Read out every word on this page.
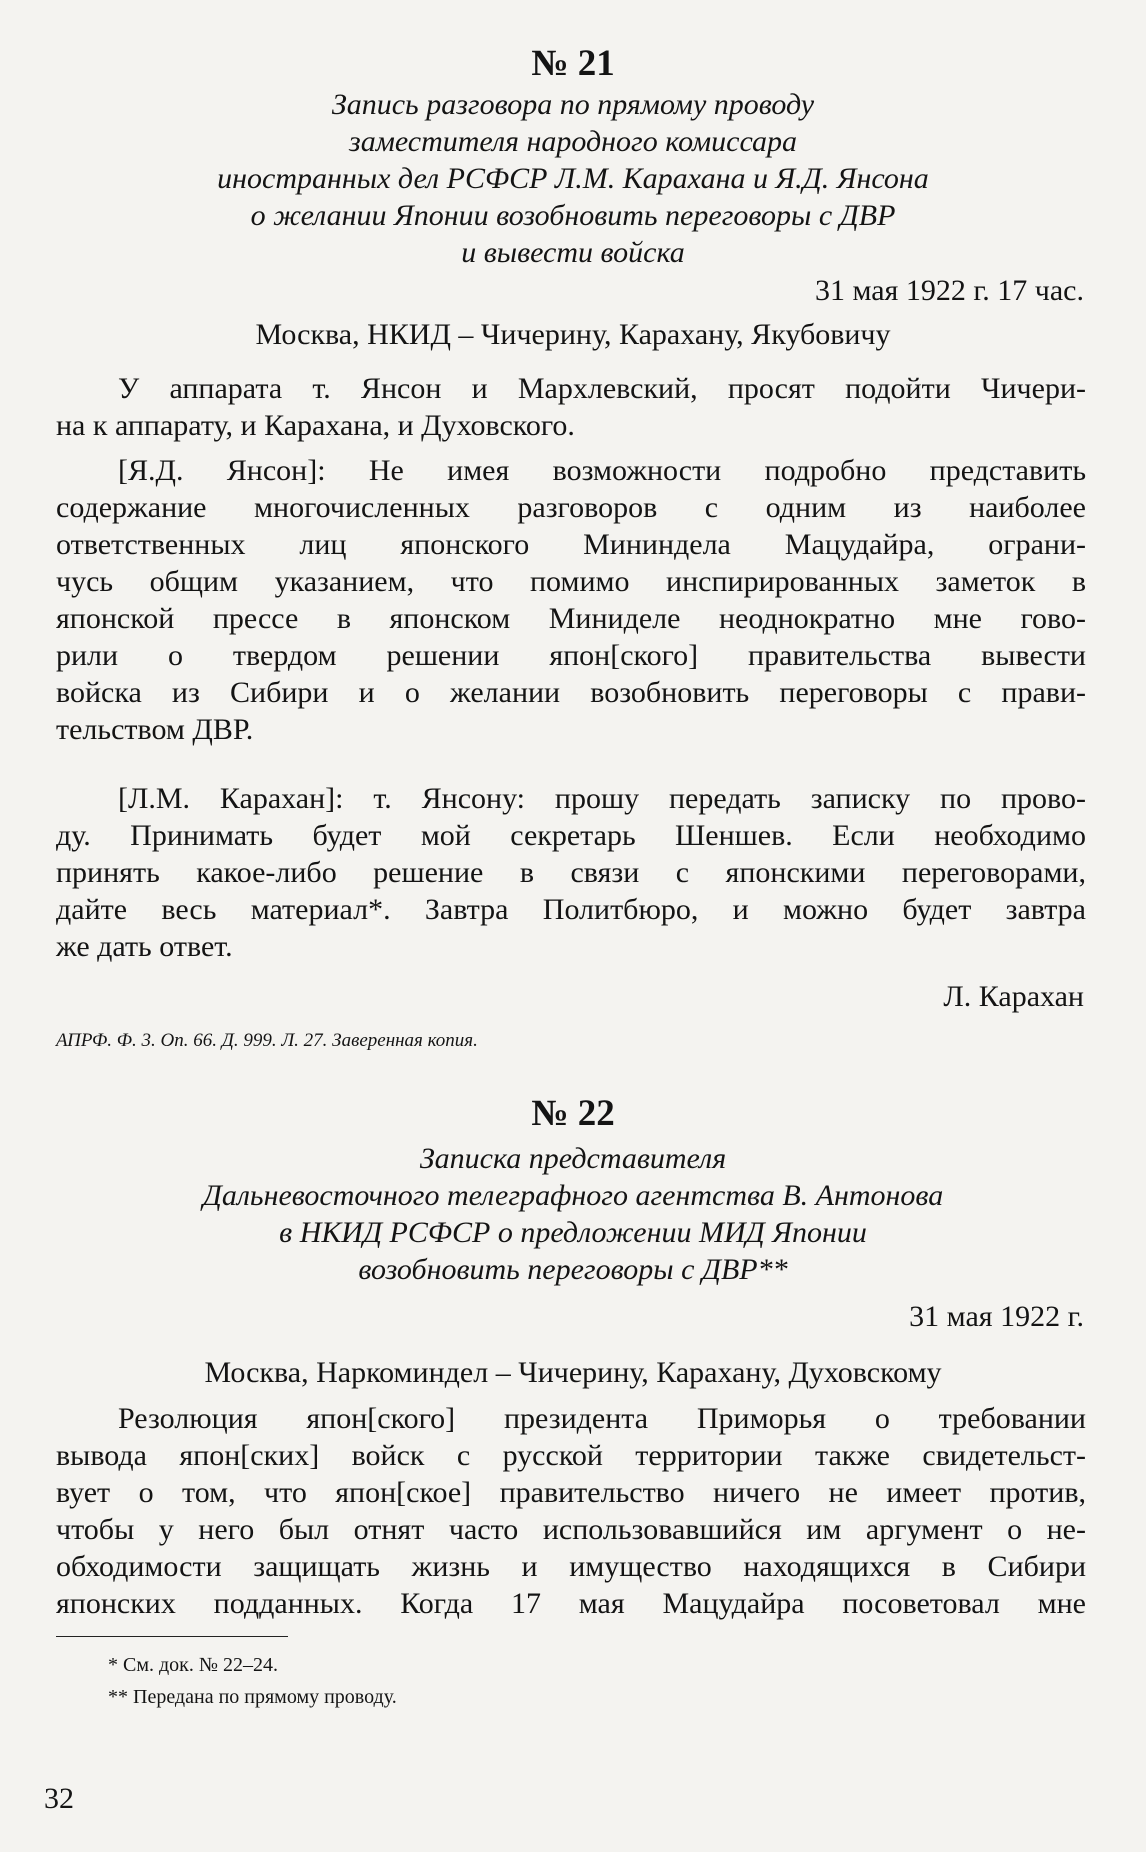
№ 21
Запись разговора по прямому проводу
заместителя народного комиссара
иностранных дел РСФСР Л.М. Карахана и Я.Д. Янсона
о желании Японии возобновить переговоры с ДВР
и вывести войска
31 мая 1922 г. 17 час.
Москва, НКИД – Чичерину, Карахану, Якубовичу
У аппарата т. Янсон и Мархлевский, просят подойти Чичери-
на к аппарату, и Карахана, и Духовского.
[Я.Д. Янсон]: Не имея возможности подробно представить
содержание многочисленных разговоров с одним из наиболее
ответственных лиц японского Мининдела Мацудайра, ограни-
чусь общим указанием, что помимо инспирированных заметок в
японской прессе в японском Миниделе неоднократно мне гово-
рили о твердом решении япон[ского] правительства вывести
войска из Сибири и о желании возобновить переговоры с прави-
тельством ДВР.
[Л.М. Карахан]: т. Янсону: прошу передать записку по прово-
ду. Принимать будет мой секретарь Шеншев. Если необходимо
принять какое-либо решение в связи с японскими переговорами,
дайте весь материал*. Завтра Политбюро, и можно будет завтра
же дать ответ.
Л. Карахан
АПРФ. Ф. 3. Оп. 66. Д. 999. Л. 27. Заверенная копия.
№ 22
Записка представителя
Дальневосточного телеграфного агентства В. Антонова
в НКИД РСФСР о предложении МИД Японии
возобновить переговоры с ДВР**
31 мая 1922 г.
Москва, Наркоминдел – Чичерину, Карахану, Духовскому
Резолюция япон[ского] президента Приморья о требовании
вывода япон[ских] войск с русской территории также свидетельст-
вует о том, что япон[ское] правительство ничего не имеет против,
чтобы у него был отнят часто использовавшийся им аргумент о не-
обходимости защищать жизнь и имущество находящихся в Сибири
японских подданных. Когда 17 мая Мацудайра посоветовал мне
* См. док. № 22–24.
** Передана по прямому проводу.
32
